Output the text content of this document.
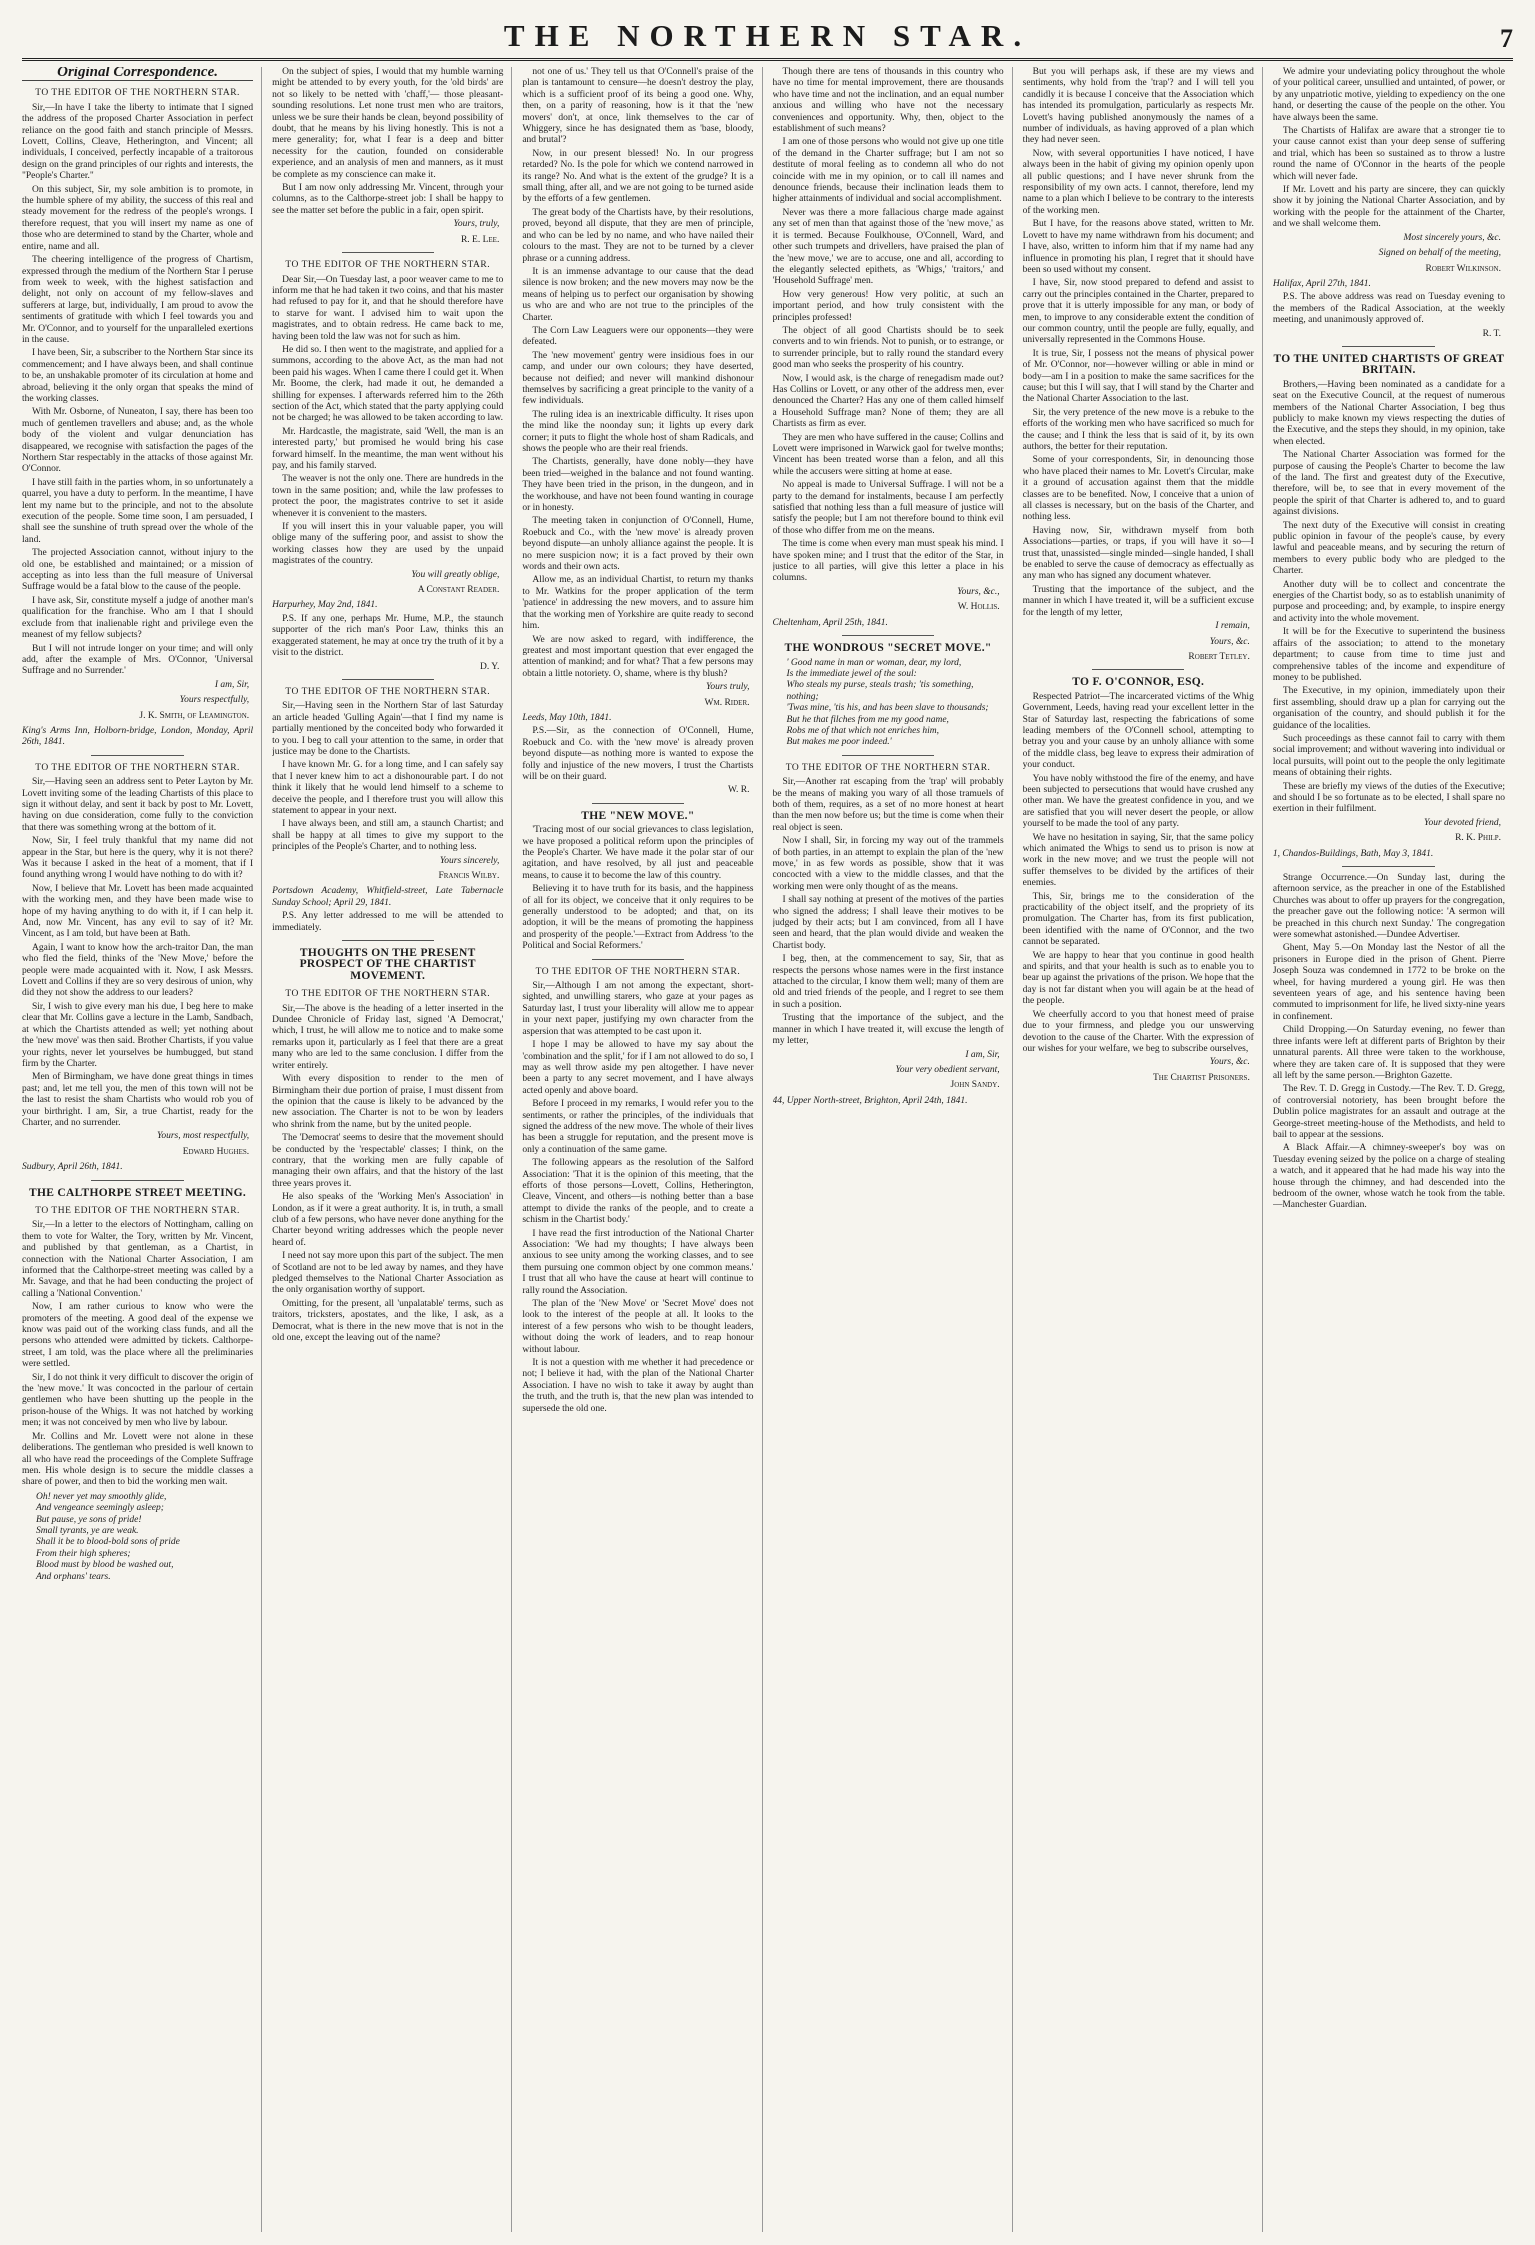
THE NORTHERN STAR.	7
Original Correspondence.
TO THE EDITOR OF THE NORTHERN STAR.

Sir,—In have I take the liberty to intimate that I signed the address of the proposed Charter Association in perfect reliance on the good faith and stanch principle of Messrs. Lovett, Collins, Cleave, Hetherington, and Vincent; all individuals, I conceived, perfectly incapable of a traitorous design on the grand principles of our rights and interests, the "People's Charter."

On this subject, Sir, my sole ambition is to promote, in the humble sphere of my ability, the success of this real and steady movement for the redress of the people's wrongs. I therefore request, that you will insert my name as one of those who are determined to stand by the Charter, whole and entire, name and all.

The cheering intelligence of the progress of Chartism, expressed through the medium of the Northern Star I peruse from week to week, with the highest satisfaction and delight, not only on account of my fellow-slaves and sufferers at large, but, individually, I am proud to avow the sentiments of gratitude with which I feel towards you and Mr. O'Connor, and to yourself for the unparalleled exertions in the cause.

I have been, Sir, a subscriber to the Northern Star since its commencement; and I have always been, and shall continue to be, an unshakable promoter of its circulation at home and abroad, believing it the only organ that speaks the mind of the working classes.

With Mr. Osborne, of Nuneaton, I say, there has been too much of gentlemen travellers and abuse; and, as the whole body of the violent and vulgar denunciation has disappeared, we recognise with satisfaction the pages of the Northern Star respectably in the attacks of those against Mr. O'Connor.

I have still faith in the parties whom, in so unfortunately a quarrel, you have a duty to perform. In the meantime, I have lent my name but to the principle, and not to the absolute execution of the people. Some time soon, I am persuaded, I shall see the sunshine of truth spread over the whole of the land.

The projected Association cannot, without injury to the old one, be established and maintained; or a mission of accepting as into less than the full measure of Universal Suffrage would be a fatal blow to the cause of the people.

I have ask, Sir, constitute myself a judge of another man's qualification for the franchise. Who am I that I should exclude from that inalienable right and privilege even the meanest of my fellow subjects?

But I will not intrude longer on your time; and will only add, after the example of Mrs. O'Connor, 'Universal Suffrage and no Surrender.'

I am, Sir,

Yours respectfully,

J. K. Smith, of Leamington.

King's Arms Inn, Holborn-bridge, London, Monday, April 26th, 1841.

TO THE EDITOR OF THE NORTHERN STAR.

Sir,—Having seen an address sent to Peter Layton by Mr. Lovett inviting some of the leading Chartists of this place to sign it without delay, and sent it back by post to Mr. Lovett, having on due consideration, come fully to the conviction that there was something wrong at the bottom of it.

Now, Sir, I feel truly thankful that my name did not appear in the Star, but here is the query, why it is not there? Was it because I asked in the heat of a moment, that if I found anything wrong I would have nothing to do with it?

Now, I believe that Mr. Lovett has been made acquainted with the working men, and they have been made wise to hope of my having anything to do with it, if I can help it. And, now Mr. Vincent, has any evil to say of it? Mr. Vincent, as I am told, but have been at Bath.

Again, I want to know how the arch-traitor Dan, the man who fled the field, thinks of the 'New Move,' before the people were made acquainted with it. Now, I ask Messrs. Lovett and Collins if they are so very desirous of union, why did they not show the address to our leaders?

Sir, I wish to give every man his due, I beg here to make clear that Mr. Collins gave a lecture in the Lamb, Sandbach, at which the Chartists attended as well; yet nothing about the 'new move' was then said. Brother Chartists, if you value your rights, never let yourselves be humbugged, but stand firm by the Charter.

Men of Birmingham, we have done great things in times past; and, let me tell you, the men of this town will not be the last to resist the sham Chartists who would rob you of your birthright. I am, Sir, a true Chartist, ready for the Charter, and no surrender.

Yours, most respectfully,

Edward Hughes.

Sudbury, April 26th, 1841.

THE CALTHORPE STREET MEETING.
TO THE EDITOR OF THE NORTHERN STAR.

Sir,—In a letter to the electors of Nottingham, calling on them to vote for Walter, the Tory, written by Mr. Vincent, and published by that gentleman, as a Chartist, in connection with the National Charter Association, I am informed that the Calthorpe-street meeting was called by a Mr. Savage, and that he had been conducting the project of calling a 'National Convention.'

Now, I am rather curious to know who were the promoters of the meeting. A good deal of the expense we know was paid out of the working class funds, and all the persons who attended were admitted by tickets. Calthorpe-street, I am told, was the place where all the preliminaries were settled.

Sir, I do not think it very difficult to discover the origin of the 'new move.' It was concocted in the parlour of certain gentlemen who have been shutting up the people in the prison-house of the Whigs. It was not hatched by working men; it was not conceived by men who live by labour.

Mr. Collins and Mr. Lovett were not alone in these deliberations. The gentleman who presided is well known to all who have read the proceedings of the Complete Suffrage men. His whole design is to secure the middle classes a share of power, and then to bid the working men wait.

Oh! never yet may smoothly glide,
And vengeance seemingly asleep;
But pause, ye sons of pride!
Small tyrants, ye are weak.
Shall it be to blood-bold sons of pride
From their high spheres;
Blood must by blood be washed out,
And orphans' tears.

On the subject of spies, I would that my humble warning might be attended to by every youth, for the 'old birds' are not so likely to be netted with 'chaff,'— those pleasant-sounding resolutions. Let none trust men who are traitors, unless we be sure their hands be clean, beyond possibility of doubt, that he means by his living honestly. This is not a mere generality; for, what I fear is a deep and bitter necessity for the caution, founded on considerable experience, and an analysis of men and manners, as it must be complete as my conscience can make it.

But I am now only addressing Mr. Vincent, through your columns, as to the Calthorpe-street job: I shall be happy to see the matter set before the public in a fair, open spirit.

Yours, truly,

R. E. Lee.

TO THE EDITOR OF THE NORTHERN STAR.

Dear Sir,—On Tuesday last, a poor weaver came to me to inform me that he had taken it two coins, and that his master had refused to pay for it, and that he should therefore have to starve for want. I advised him to wait upon the magistrates, and to obtain redress. He came back to me, having been told the law was not for such as him.

He did so. I then went to the magistrate, and applied for a summons, according to the above Act, as the man had not been paid his wages. When I came there I could get it. When Mr. Boome, the clerk, had made it out, he demanded a shilling for expenses. I afterwards referred him to the 26th section of the Act, which stated that the party applying could not be charged; he was allowed to be taken according to law.

Mr. Hardcastle, the magistrate, said 'Well, the man is an interested party,' but promised he would bring his case forward himself. In the meantime, the man went without his pay, and his family starved.

The weaver is not the only one. There are hundreds in the town in the same position; and, while the law professes to protect the poor, the magistrates contrive to set it aside whenever it is convenient to the masters.

If you will insert this in your valuable paper, you will oblige many of the suffering poor, and assist to show the working classes how they are used by the unpaid magistrates of the country.

You will greatly oblige,

A Constant Reader.

Harpurhey, May 2nd, 1841.

P.S. If any one, perhaps Mr. Hume, M.P., the staunch supporter of the rich man's Poor Law, thinks this an exaggerated statement, he may at once try the truth of it by a visit to the district.

D. Y.

TO THE EDITOR OF THE NORTHERN STAR.

Sir,—Having seen in the Northern Star of last Saturday an article headed 'Gulling Again'—that I find my name is partially mentioned by the conceited body who forwarded it to you. I beg to call your attention to the same, in order that justice may be done to the Chartists.

I have known Mr. G. for a long time, and I can safely say that I never knew him to act a dishonourable part. I do not think it likely that he would lend himself to a scheme to deceive the people, and I therefore trust you will allow this statement to appear in your next.

I have always been, and still am, a staunch Chartist; and shall be happy at all times to give my support to the principles of the People's Charter, and to nothing less.

Yours sincerely,

Francis Wilby.

Portsdown Academy, Whitfield-street, Late Tabernacle Sunday School; April 29, 1841.

P.S. Any letter addressed to me will be attended to immediately.

THOUGHTS ON THE PRESENT PROSPECT OF THE CHARTIST MOVEMENT.
TO THE EDITOR OF THE NORTHERN STAR.

Sir,—The above is the heading of a letter inserted in the Dundee Chronicle of Friday last, signed 'A Democrat,' which, I trust, he will allow me to notice and to make some remarks upon it, particularly as I feel that there are a great many who are led to the same conclusion. I differ from the writer entirely.

With every disposition to render to the men of Birmingham their due portion of praise, I must dissent from the opinion that the cause is likely to be advanced by the new association. The Charter is not to be won by leaders who shrink from the name, but by the united people.

The 'Democrat' seems to desire that the movement should be conducted by the 'respectable' classes; I think, on the contrary, that the working men are fully capable of managing their own affairs, and that the history of the last three years proves it.

He also speaks of the 'Working Men's Association' in London, as if it were a great authority. It is, in truth, a small club of a few persons, who have never done anything for the Charter beyond writing addresses which the people never heard of.

I need not say more upon this part of the subject. The men of Scotland are not to be led away by names, and they have pledged themselves to the National Charter Association as the only organisation worthy of support.

Omitting, for the present, all 'unpalatable' terms, such as traitors, tricksters, apostates, and the like, I ask, as a Democrat, what is there in the new move that is not in the old one, except the leaving out of the name?

not one of us.' They tell us that O'Connell's praise of the plan is tantamount to censure—he doesn't destroy the play, which is a sufficient proof of its being a good one. Why, then, on a parity of reasoning, how is it that the 'new movers' don't, at once, link themselves to the car of Whiggery, since he has designated them as 'base, bloody, and brutal'?

Now, in our present blessed! No. In our progress retarded? No. Is the pole for which we contend narrowed in its range? No. And what is the extent of the grudge? It is a small thing, after all, and we are not going to be turned aside by the efforts of a few gentlemen.

The great body of the Chartists have, by their resolutions, proved, beyond all dispute, that they are men of principle, and who can be led by no name, and who have nailed their colours to the mast. They are not to be turned by a clever phrase or a cunning address.

It is an immense advantage to our cause that the dead silence is now broken; and the new movers may now be the means of helping us to perfect our organisation by showing us who are and who are not true to the principles of the Charter.

The Corn Law Leaguers were our opponents—they were defeated.

The 'new movement' gentry were insidious foes in our camp, and under our own colours; they have deserted, because not deified; and never will mankind dishonour themselves by sacrificing a great principle to the vanity of a few individuals.

The ruling idea is an inextricable difficulty. It rises upon the mind like the noonday sun; it lights up every dark corner; it puts to flight the whole host of sham Radicals, and shows the people who are their real friends.

The Chartists, generally, have done nobly—they have been tried—weighed in the balance and not found wanting. They have been tried in the prison, in the dungeon, and in the workhouse, and have not been found wanting in courage or in honesty.

The meeting taken in conjunction of O'Connell, Hume, Roebuck and Co., with the 'new move' is already proven beyond dispute—an unholy alliance against the people. It is no mere suspicion now; it is a fact proved by their own words and their own acts.

Allow me, as an individual Chartist, to return my thanks to Mr. Watkins for the proper application of the term 'patience' in addressing the new movers, and to assure him that the working men of Yorkshire are quite ready to second him.

We are now asked to regard, with indifference, the greatest and most important question that ever engaged the attention of mankind; and for what? That a few persons may obtain a little notoriety. O, shame, where is thy blush?

Yours truly,

Wm. Rider.

Leeds, May 10th, 1841.

P.S.—Sir, as the connection of O'Connell, Hume, Roebuck and Co. with the 'new move' is already proven beyond dispute—as nothing more is wanted to expose the folly and injustice of the new movers, I trust the Chartists will be on their guard.

W. R.

THE "NEW MOVE."

'Tracing most of our social grievances to class legislation, we have proposed a political reform upon the principles of the People's Charter. We have made it the polar star of our agitation, and have resolved, by all just and peaceable means, to cause it to become the law of this country.

Believing it to have truth for its basis, and the happiness of all for its object, we conceive that it only requires to be generally understood to be adopted; and that, on its adoption, it will be the means of promoting the happiness and prosperity of the people.'—Extract from Address 'to the Political and Social Reformers.'

TO THE EDITOR OF THE NORTHERN STAR.

Sir,—Although I am not among the expectant, short-sighted, and unwilling starers, who gaze at your pages as Saturday last, I trust your liberality will allow me to appear in your next paper, justifying my own character from the aspersion that was attempted to be cast upon it.

I hope I may be allowed to have my say about the 'combination and the split,' for if I am not allowed to do so, I may as well throw aside my pen altogether. I have never been a party to any secret movement, and I have always acted openly and above board.

Before I proceed in my remarks, I would refer you to the sentiments, or rather the principles, of the individuals that signed the address of the new move. The whole of their lives has been a struggle for reputation, and the present move is only a continuation of the same game.

The following appears as the resolution of the Salford Association: 'That it is the opinion of this meeting, that the efforts of those persons—Lovett, Collins, Hetherington, Cleave, Vincent, and others—is nothing better than a base attempt to divide the ranks of the people, and to create a schism in the Chartist body.'

I have read the first introduction of the National Charter Association: 'We had my thoughts; I have always been anxious to see unity among the working classes, and to see them pursuing one common object by one common means.' I trust that all who have the cause at heart will continue to rally round the Association.

The plan of the 'New Move' or 'Secret Move' does not look to the interest of the people at all. It looks to the interest of a few persons who wish to be thought leaders, without doing the work of leaders, and to reap honour without labour.

It is not a question with me whether it had precedence or not; I believe it had, with the plan of the National Charter Association. I have no wish to take it away by aught than the truth, and the truth is, that the new plan was intended to supersede the old one.

Though there are tens of thousands in this country who have no time for mental improvement, there are thousands who have time and not the inclination, and an equal number anxious and willing who have not the necessary conveniences and opportunity. Why, then, object to the establishment of such means?

I am one of those persons who would not give up one title of the demand in the Charter suffrage; but I am not so destitute of moral feeling as to condemn all who do not coincide with me in my opinion, or to call ill names and denounce friends, because their inclination leads them to higher attainments of individual and social accomplishment.

Never was there a more fallacious charge made against any set of men than that against those of the 'new move,' as it is termed. Because Foulkhouse, O'Connell, Ward, and other such trumpets and drivellers, have praised the plan of the 'new move,' we are to accuse, one and all, according to the elegantly selected epithets, as 'Whigs,' 'traitors,' and 'Household Suffrage' men.

How very generous! How very politic, at such an important period, and how truly consistent with the principles professed!

The object of all good Chartists should be to seek converts and to win friends. Not to punish, or to estrange, or to surrender principle, but to rally round the standard every good man who seeks the prosperity of his country.

Now, I would ask, is the charge of renegadism made out? Has Collins or Lovett, or any other of the address men, ever denounced the Charter? Has any one of them called himself a Household Suffrage man? None of them; they are all Chartists as firm as ever.

They are men who have suffered in the cause; Collins and Lovett were imprisoned in Warwick gaol for twelve months; Vincent has been treated worse than a felon, and all this while the accusers were sitting at home at ease.

No appeal is made to Universal Suffrage. I will not be a party to the demand for instalments, because I am perfectly satisfied that nothing less than a full measure of justice will satisfy the people; but I am not therefore bound to think evil of those who differ from me on the means.

The time is come when every man must speak his mind. I have spoken mine; and I trust that the editor of the Star, in justice to all parties, will give this letter a place in his columns.

Yours, &c.,

W. Hollis.

Cheltenham, April 25th, 1841.

THE WONDROUS "SECRET MOVE."
' Good name in man or woman, dear, my lord,
Is the immediate jewel of the soul:
Who steals my purse, steals trash; 'tis something, nothing;
'Twas mine, 'tis his, and has been slave to thousands;
But he that filches from me my good name,
Robs me of that which not enriches him,
But makes me poor indeed.'
TO THE EDITOR OF THE NORTHERN STAR.

Sir,—Another rat escaping from the 'trap' will probably be the means of making you wary of all those tramuels of both of them, requires, as a set of no more honest at heart than the men now before us; but the time is come when their real object is seen.

Now I shall, Sir, in forcing my way out of the trammels of both parties, in an attempt to explain the plan of the 'new move,' in as few words as possible, show that it was concocted with a view to the middle classes, and that the working men were only thought of as the means.

I shall say nothing at present of the motives of the parties who signed the address; I shall leave their motives to be judged by their acts; but I am convinced, from all I have seen and heard, that the plan would divide and weaken the Chartist body.

I beg, then, at the commencement to say, Sir, that as respects the persons whose names were in the first instance attached to the circular, I know them well; many of them are old and tried friends of the people, and I regret to see them in such a position.

Trusting that the importance of the subject, and the manner in which I have treated it, will excuse the length of my letter,

I am, Sir,

Your very obedient servant,

John Sandy.

44, Upper North-street, Brighton, April 24th, 1841.

But you will perhaps ask, if these are my views and sentiments, why hold from the 'trap'? and I will tell you candidly it is because I conceive that the Association which has intended its promulgation, particularly as respects Mr. Lovett's having published anonymously the names of a number of individuals, as having approved of a plan which they had never seen.

Now, with several opportunities I have noticed, I have always been in the habit of giving my opinion openly upon all public questions; and I have never shrunk from the responsibility of my own acts. I cannot, therefore, lend my name to a plan which I believe to be contrary to the interests of the working men.

But I have, for the reasons above stated, written to Mr. Lovett to have my name withdrawn from his document; and I have, also, written to inform him that if my name had any influence in promoting his plan, I regret that it should have been so used without my consent.

I have, Sir, now stood prepared to defend and assist to carry out the principles contained in the Charter, prepared to prove that it is utterly impossible for any man, or body of men, to improve to any considerable extent the condition of our common country, until the people are fully, equally, and universally represented in the Commons House.

It is true, Sir, I possess not the means of physical power of Mr. O'Connor, nor—however willing or able in mind or body—am I in a position to make the same sacrifices for the cause; but this I will say, that I will stand by the Charter and the National Charter Association to the last.

Sir, the very pretence of the new move is a rebuke to the efforts of the working men who have sacrificed so much for the cause; and I think the less that is said of it, by its own authors, the better for their reputation.

Some of your correspondents, Sir, in denouncing those who have placed their names to Mr. Lovett's Circular, make it a ground of accusation against them that the middle classes are to be benefited. Now, I conceive that a union of all classes is necessary, but on the basis of the Charter, and nothing less.

Having now, Sir, withdrawn myself from both Associations—parties, or traps, if you will have it so—I trust that, unassisted—single minded—single handed, I shall be enabled to serve the cause of democracy as effectually as any man who has signed any document whatever.

Trusting that the importance of the subject, and the manner in which I have treated it, will be a sufficient excuse for the length of my letter,

I remain,

Yours, &c.

Robert Tetley.

TO F. O'CONNOR, ESQ.

Respected Patriot—The incarcerated victims of the Whig Government, Leeds, having read your excellent letter in the Star of Saturday last, respecting the fabrications of some leading members of the O'Connell school, attempting to betray you and your cause by an unholy alliance with some of the middle class, beg leave to express their admiration of your conduct.

You have nobly withstood the fire of the enemy, and have been subjected to persecutions that would have crushed any other man. We have the greatest confidence in you, and we are satisfied that you will never desert the people, or allow yourself to be made the tool of any party.

We have no hesitation in saying, Sir, that the same policy which animated the Whigs to send us to prison is now at work in the new move; and we trust the people will not suffer themselves to be divided by the artifices of their enemies.

This, Sir, brings me to the consideration of the practicability of the object itself, and the propriety of its promulgation. The Charter has, from its first publication, been identified with the name of O'Connor, and the two cannot be separated.

We are happy to hear that you continue in good health and spirits, and that your health is such as to enable you to bear up against the privations of the prison. We hope that the day is not far distant when you will again be at the head of the people.

We cheerfully accord to you that honest meed of praise due to your firmness, and pledge you our unswerving devotion to the cause of the Charter. With the expression of our wishes for your welfare, we beg to subscribe ourselves,

Yours, &c.

The Chartist Prisoners.

We admire your undeviating policy throughout the whole of your political career, unsullied and untainted, of power, or by any unpatriotic motive, yielding to expediency on the one hand, or deserting the cause of the people on the other. You have always been the same.

The Chartists of Halifax are aware that a stronger tie to your cause cannot exist than your deep sense of suffering and trial, which has been so sustained as to throw a lustre round the name of O'Connor in the hearts of the people which will never fade.

If Mr. Lovett and his party are sincere, they can quickly show it by joining the National Charter Association, and by working with the people for the attainment of the Charter, and we shall welcome them.

Most sincerely yours, &c.

Signed on behalf of the meeting,

Robert Wilkinson.

Halifax, April 27th, 1841.

P.S. The above address was read on Tuesday evening to the members of the Radical Association, at the weekly meeting, and unanimously approved of.

R. T.

TO THE UNITED CHARTISTS OF GREAT BRITAIN.

Brothers,—Having been nominated as a candidate for a seat on the Executive Council, at the request of numerous members of the National Charter Association, I beg thus publicly to make known my views respecting the duties of the Executive, and the steps they should, in my opinion, take when elected.

The National Charter Association was formed for the purpose of causing the People's Charter to become the law of the land. The first and greatest duty of the Executive, therefore, will be, to see that in every movement of the people the spirit of that Charter is adhered to, and to guard against divisions.

The next duty of the Executive will consist in creating public opinion in favour of the people's cause, by every lawful and peaceable means, and by securing the return of members to every public body who are pledged to the Charter.

Another duty will be to collect and concentrate the energies of the Chartist body, so as to establish unanimity of purpose and proceeding; and, by example, to inspire energy and activity into the whole movement.

It will be for the Executive to superintend the business affairs of the association; to attend to the monetary department; to cause from time to time just and comprehensive tables of the income and expenditure of money to be published.

The Executive, in my opinion, immediately upon their first assembling, should draw up a plan for carrying out the organisation of the country, and should publish it for the guidance of the localities.

Such proceedings as these cannot fail to carry with them social improvement; and without wavering into individual or local pursuits, will point out to the people the only legitimate means of obtaining their rights.

These are briefly my views of the duties of the Executive; and should I be so fortunate as to be elected, I shall spare no exertion in their fulfilment.

Your devoted friend,

R. K. Philp.

1, Chandos-Buildings, Bath, May 3, 1841.

Strange Occurrence.—On Sunday last, during the afternoon service, as the preacher in one of the Established Churches was about to offer up prayers for the congregation, the preacher gave out the following notice: 'A sermon will be preached in this church next Sunday.' The congregation were somewhat astonished.—Dundee Advertiser.

Ghent, May 5.—On Monday last the Nestor of all the prisoners in Europe died in the prison of Ghent. Pierre Joseph Souza was condemned in 1772 to be broke on the wheel, for having murdered a young girl. He was then seventeen years of age, and his sentence having been commuted to imprisonment for life, he lived sixty-nine years in confinement.

Child Dropping.—On Saturday evening, no fewer than three infants were left at different parts of Brighton by their unnatural parents. All three were taken to the workhouse, where they are taken care of. It is supposed that they were all left by the same person.—Brighton Gazette.

The Rev. T. D. Gregg in Custody.—The Rev. T. D. Gregg, of controversial notoriety, has been brought before the Dublin police magistrates for an assault and outrage at the George-street meeting-house of the Methodists, and held to bail to appear at the sessions.

A Black Affair.—A chimney-sweeper's boy was on Tuesday evening seized by the police on a charge of stealing a watch, and it appeared that he had made his way into the house through the chimney, and had descended into the bedroom of the owner, whose watch he took from the table.—Manchester Guardian.
